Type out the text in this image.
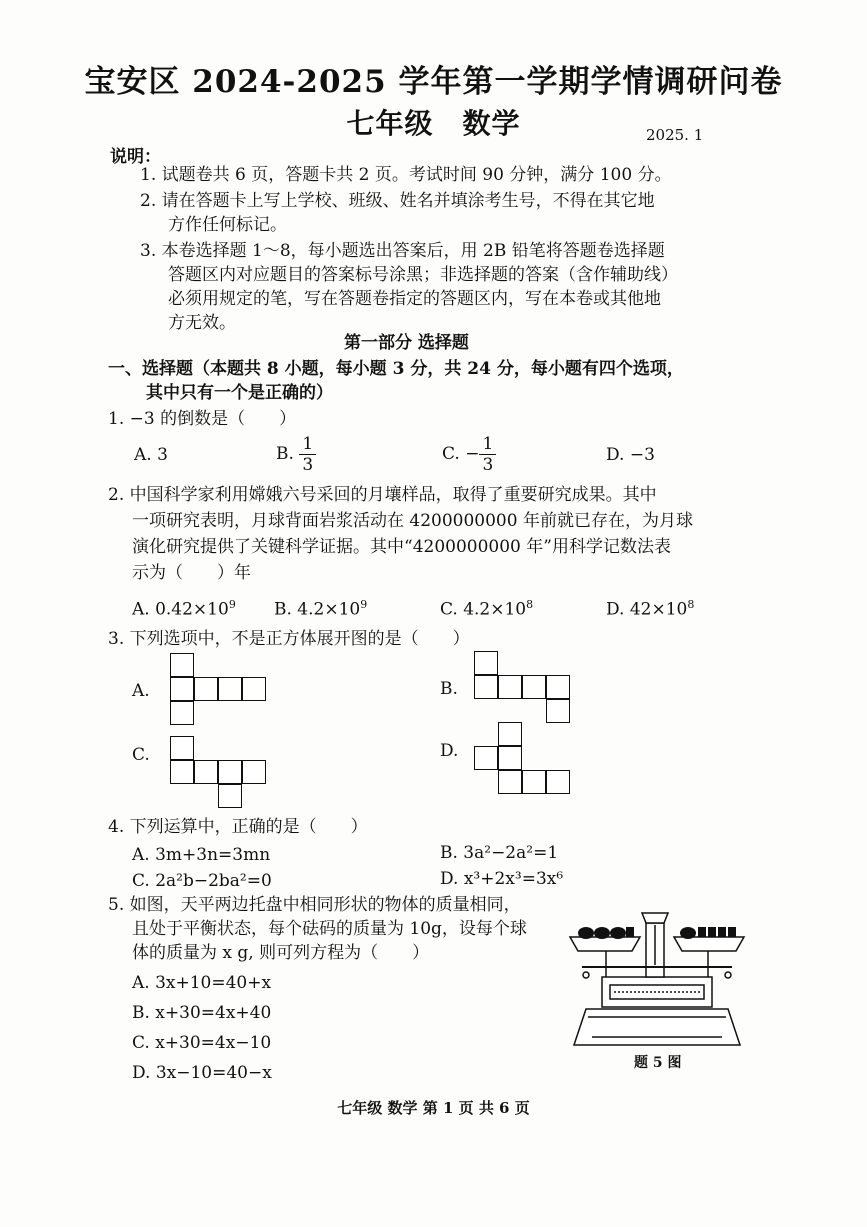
宝安区 2024-2025 学年第一学期学情调研问卷
七年级　数学	2025. 1
说明：
1. 试题卷共 6 页，答题卡共 2 页。考试时间 90 分钟，满分 100 分。
2. 请在答题卡上写上学校、班级、姓名并填涂考生号，不得在其它地
方作任何标记。
3. 本卷选择题 1～8，每小题选出答案后，用 2B 铅笔将答题卷选择题
答题区内对应题目的答案标号涂黑；非选择题的答案（含作辅助线）
必须用规定的笔，写在答题卷指定的答题区内，写在本卷或其他地
方无效。
第一部分 选择题
一、选择题（本题共 8 小题，每小题 3 分，共 24 分，每小题有四个选项，
其中只有一个是正确的）
1. −3 的倒数是（　　）
A. 3	B. $\frac{1}{3}$	C. − $\frac{1}{3}$	D. −3
2. 中国科学家利用嫦娥六号采回的月壤样品，取得了重要研究成果。其中
一项研究表明，月球背面岩浆活动在 4200000000 年前就已存在，为月球
演化研究提供了关键科学证据。其中“4200000000 年”用科学记数法表
示为（　　）年
A. $0.42\times 10^9$ B. $4.2\times 10^9$	C. $4.2\times 10^8$	D. $42\times 10^8$
3. 下列选项中，不是正方体展开图的是（　　）
A.	B.
C.	D.
4. 下列运算中，正确的是（　　）
A. 3m+3n=3mn	B. 3a²−2a²=1
C. 2a²b−2ba²=0	D. x³+2x³=3x⁶
5. 如图，天平两边托盘中相同形状的物体的质量相同，
且处于平衡状态，每个砝码的质量为 10g，设每个球
体的质量为 x g, 则可列方程为（　　）
A. 3x+10=40+x
B. x+30=4x+40
C. x+30=4x−10
D. 3x−10=40−x	题 5 图
七年级 数学 第 1 页 共 6 页
